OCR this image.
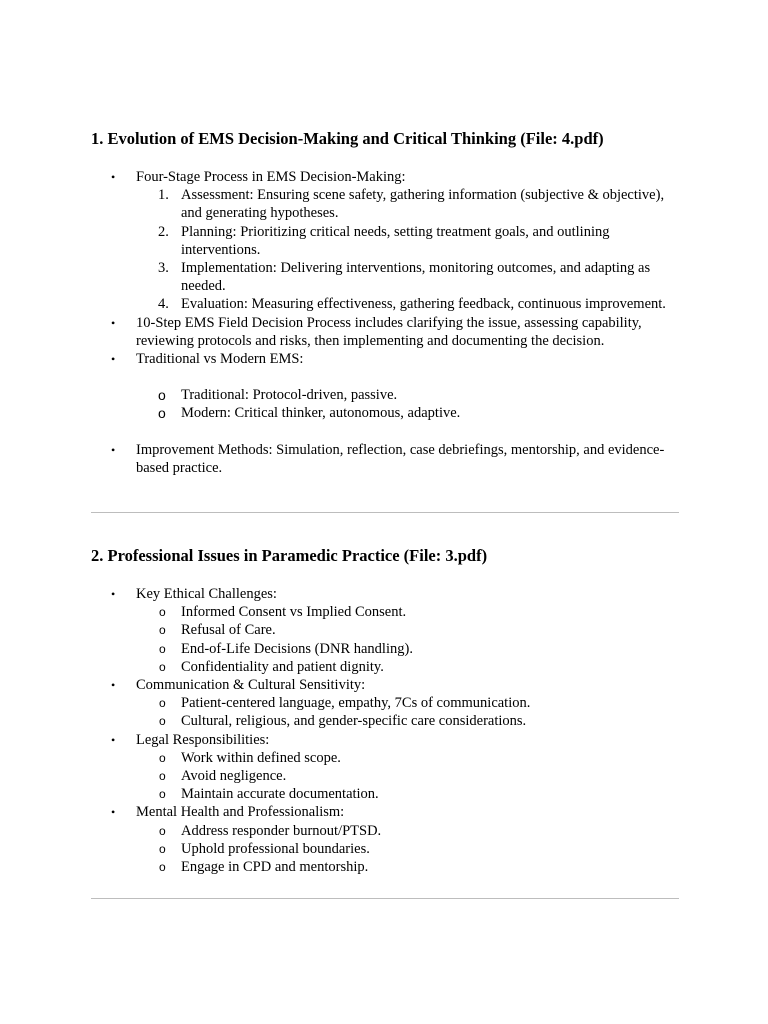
1. Evolution of EMS Decision-Making and Critical Thinking (File: 4.pdf)
• Four-Stage Process in EMS Decision-Making:
1. Assessment: Ensuring scene safety, gathering information (subjective & objective), and generating hypotheses.
2. Planning: Prioritizing critical needs, setting treatment goals, and outlining interventions.
3. Implementation: Delivering interventions, monitoring outcomes, and adapting as needed.
4. Evaluation: Measuring effectiveness, gathering feedback, continuous improvement.
• 10-Step EMS Field Decision Process includes clarifying the issue, assessing capability, reviewing protocols and risks, then implementing and documenting the decision.
• Traditional vs Modern EMS:
o Traditional: Protocol-driven, passive.
o Modern: Critical thinker, autonomous, adaptive.
• Improvement Methods: Simulation, reflection, case debriefings, mentorship, and evidence-based practice.
2. Professional Issues in Paramedic Practice (File: 3.pdf)
• Key Ethical Challenges:
o Informed Consent vs Implied Consent.
o Refusal of Care.
o End-of-Life Decisions (DNR handling).
o Confidentiality and patient dignity.
• Communication & Cultural Sensitivity:
o Patient-centered language, empathy, 7Cs of communication.
o Cultural, religious, and gender-specific care considerations.
• Legal Responsibilities:
o Work within defined scope.
o Avoid negligence.
o Maintain accurate documentation.
• Mental Health and Professionalism:
o Address responder burnout/PTSD.
o Uphold professional boundaries.
o Engage in CPD and mentorship.
